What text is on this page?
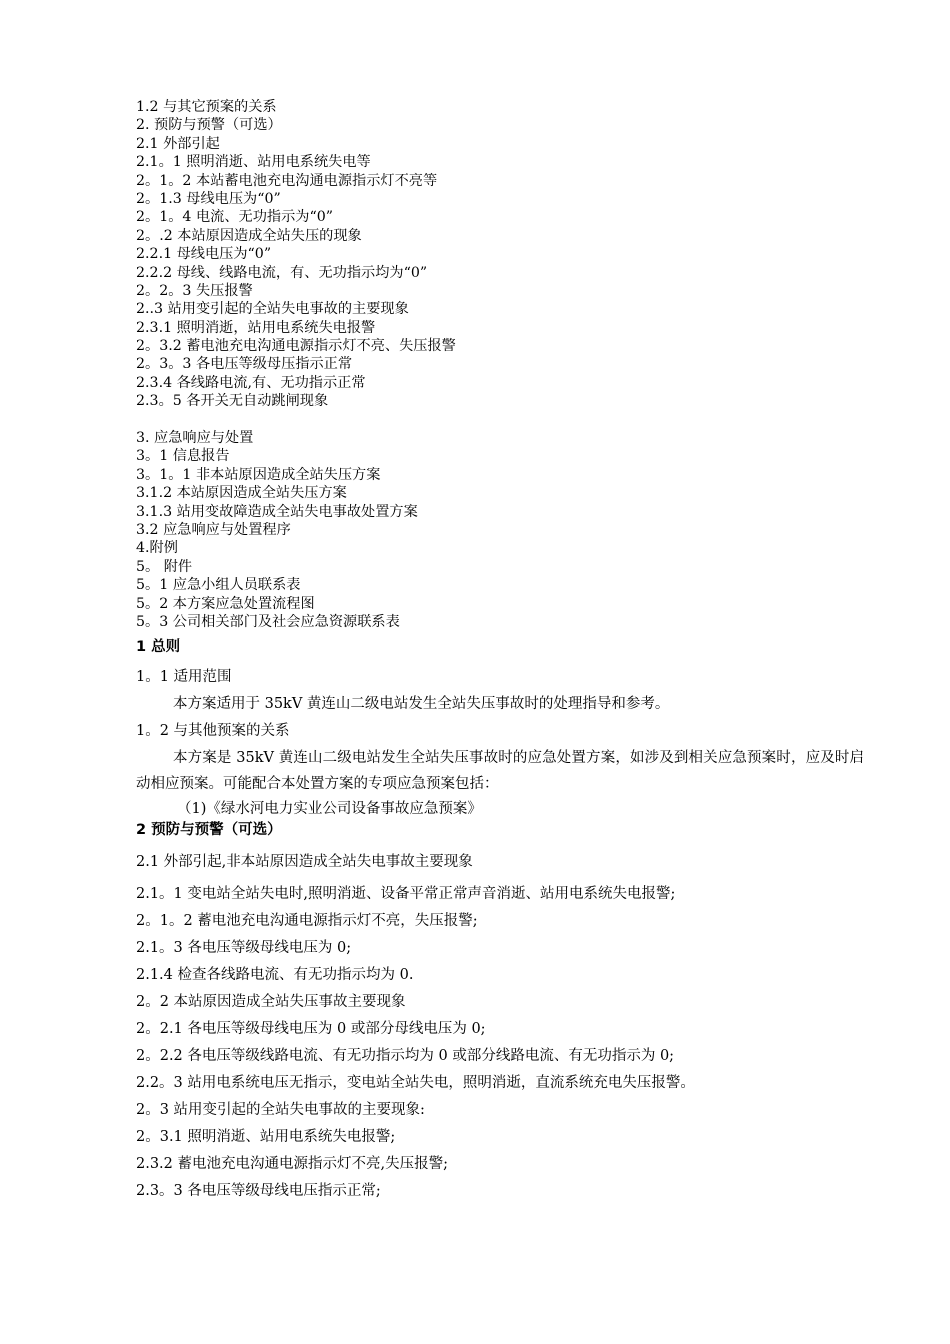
1.2 与其它预案的关系
2. 预防与预警（可选）
2.1 外部引起
2.1。1 照明消逝、站用电系统失电等
2。1。2 本站蓄电池充电沟通电源指示灯不亮等
2。1.3 母线电压为“0”
2。1。4 电流、无功指示为“0”
2。.2 本站原因造成全站失压的现象
2.2.1 母线电压为“0”
2.2.2 母线、线路电流，有、无功指示均为“0”
2。2。3 失压报警
2..3 站用变引起的全站失电事故的主要现象
2.3.1 照明消逝，站用电系统失电报警
2。3.2 蓄电池充电沟通电源指示灯不亮、失压报警
2。3。3 各电压等级母压指示正常
2.3.4 各线路电流,有、无功指示正常
2.3。5 各开关无自动跳闸现象
3. 应急响应与处置
3。1 信息报告
3。1。1 非本站原因造成全站失压方案
3.1.2 本站原因造成全站失压方案
3.1.3 站用变故障造成全站失电事故处置方案
3.2 应急响应与处置程序
4.附例
5。 附件
5。1 应急小组人员联系表
5。2 本方案应急处置流程图
5。3 公司相关部门及社会应急资源联系表
1 总则
1。1 适用范围
本方案适用于 35kV 黄连山二级电站发生全站失压事故时的处理指导和参考。
1。2 与其他预案的关系
本方案是 35kV 黄连山二级电站发生全站失压事故时的应急处置方案，如涉及到相关应急预案时，应及时启动相应预案。可能配合本处置方案的专项应急预案包括：
（1)《绿水河电力实业公司设备事故应急预案》
2 预防与预警（可选）
2.1 外部引起,非本站原因造成全站失电事故主要现象
2.1。1 变电站全站失电时,照明消逝、设备平常正常声音消逝、站用电系统失电报警;
2。1。2 蓄电池充电沟通电源指示灯不亮，失压报警;
2.1。3 各电压等级母线电压为 0;
2.1.4 检查各线路电流、有无功指示均为 0.
2。2 本站原因造成全站失压事故主要现象
2。2.1 各电压等级母线电压为 0 或部分母线电压为 0;
2。2.2 各电压等级线路电流、有无功指示均为 0 或部分线路电流、有无功指示为 0;
2.2。3 站用电系统电压无指示，变电站全站失电，照明消逝，直流系统充电失压报警。
2。3 站用变引起的全站失电事故的主要现象:
2。3.1 照明消逝、站用电系统失电报警;
2.3.2 蓄电池充电沟通电源指示灯不亮,失压报警;
2.3。3 各电压等级母线电压指示正常;
